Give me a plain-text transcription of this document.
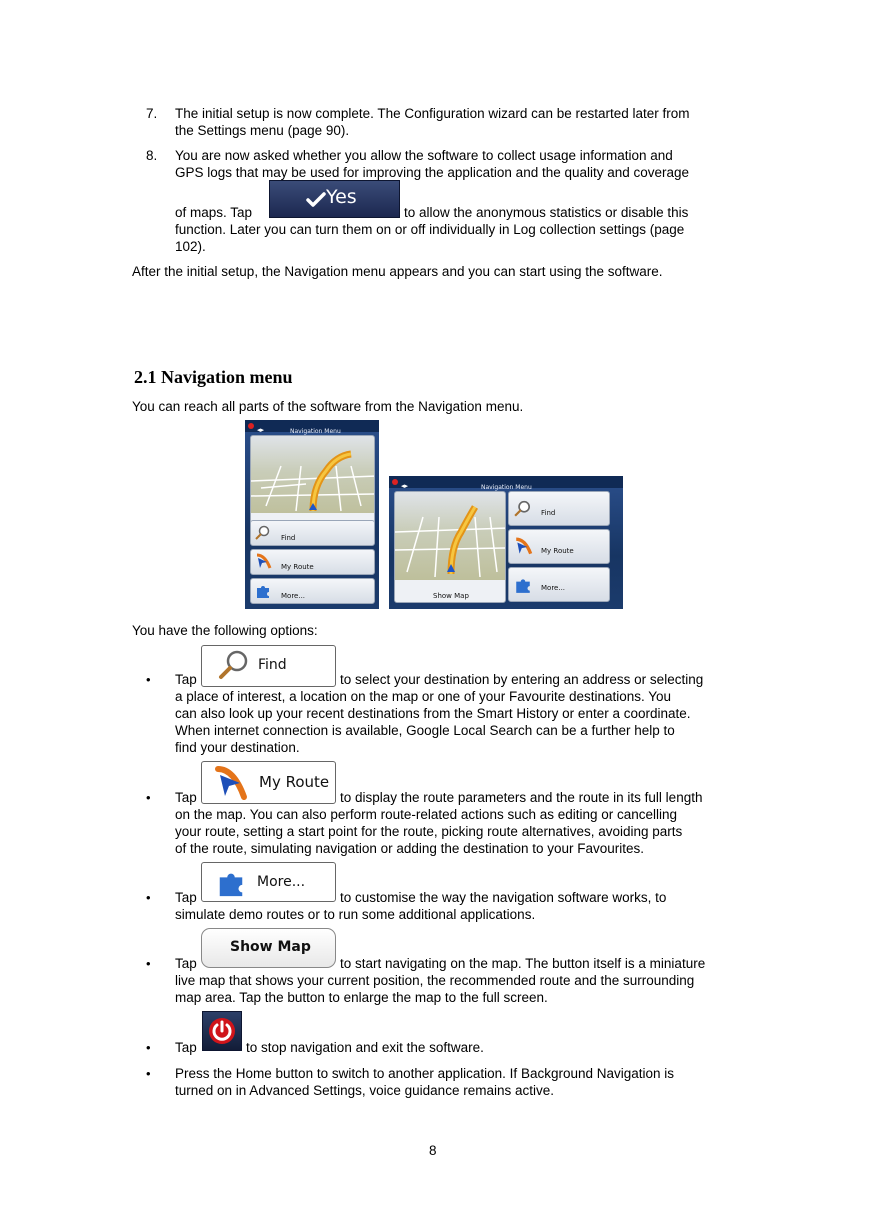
7. The initial setup is now complete. The Configuration wizard can be restarted later from
the Settings menu (page 90).
8. You are now asked whether you allow the software to collect usage information and
GPS logs that may be used for improving the application and the quality and coverage
of maps. Tap
Yes
to allow the anonymous statistics or disable this
function. Later you can turn them on or off individually in Log collection settings (page
102).
After the initial setup, the Navigation menu appears and you can start using the software.
2.1 Navigation menu
You can reach all parts of the software from the Navigation menu.
◂▸	Navigation Menu
Find
My Route
More...
◂▸	Navigation Menu
Show Map
Find
My Route
More...
You have the following options:
• Tap
Find
to select your destination by entering an address or selecting
a place of interest, a location on the map or one of your Favourite destinations. You
can also look up your recent destinations from the Smart History or enter a coordinate.
When internet connection is available, Google Local Search can be a further help to
find your destination.
• Tap
My Route
to display the route parameters and the route in its full length
on the map. You can also perform route-related actions such as editing or cancelling
your route, setting a start point for the route, picking route alternatives, avoiding parts
of the route, simulating navigation or adding the destination to your Favourites.
• Tap
More...
to customise the way the navigation software works, to
simulate demo routes or to run some additional applications.
• Tap
Show Map
to start navigating on the map. The button itself is a miniature
live map that shows your current position, the recommended route and the surrounding
map area. Tap the button to enlarge the map to the full screen.
• Tap	to stop navigation and exit the software.
• Press the Home button to switch to another application. If Background Navigation is
turned on in Advanced Settings, voice guidance remains active.
8
